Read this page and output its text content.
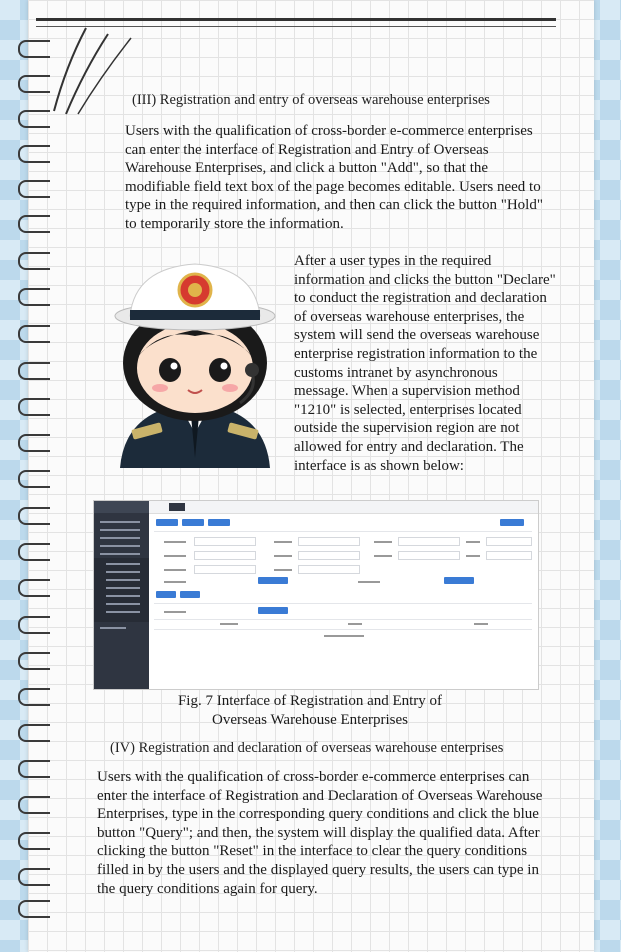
(III) Registration and entry of overseas warehouse enterprises
Users with the qualification of cross-border e-commerce enterprises can enter the interface of Registration and Entry of Overseas Warehouse Enterprises, and click a button "Add", so that the modifiable field text box of the page becomes editable. Users need to type in the required information, and then can click the button "Hold" to temporarily store the information.
After a user types in the required information and clicks the button "Declare" to conduct the registration and declaration of overseas warehouse enterprises, the system will send the overseas warehouse enterprise registration information to the customs intranet by asynchronous message. When a supervision method "1210" is selected, enterprises located outside the supervision region are not allowed for entry and declaration. The interface is as shown below:
Fig. 7 Interface of Registration and Entry of
Overseas Warehouse Enterprises
(IV) Registration and declaration of overseas warehouse enterprises
Users with the qualification of cross-border e-commerce enterprises can enter the interface of Registration and Declaration of Overseas Warehouse Enterprises, type in the corresponding query conditions and click the blue button "Query"; and then, the system will display the qualified data. After clicking the button "Reset" in the interface to clear the query conditions filled in by the users and the displayed query results, the users can type in the query conditions again for query.
